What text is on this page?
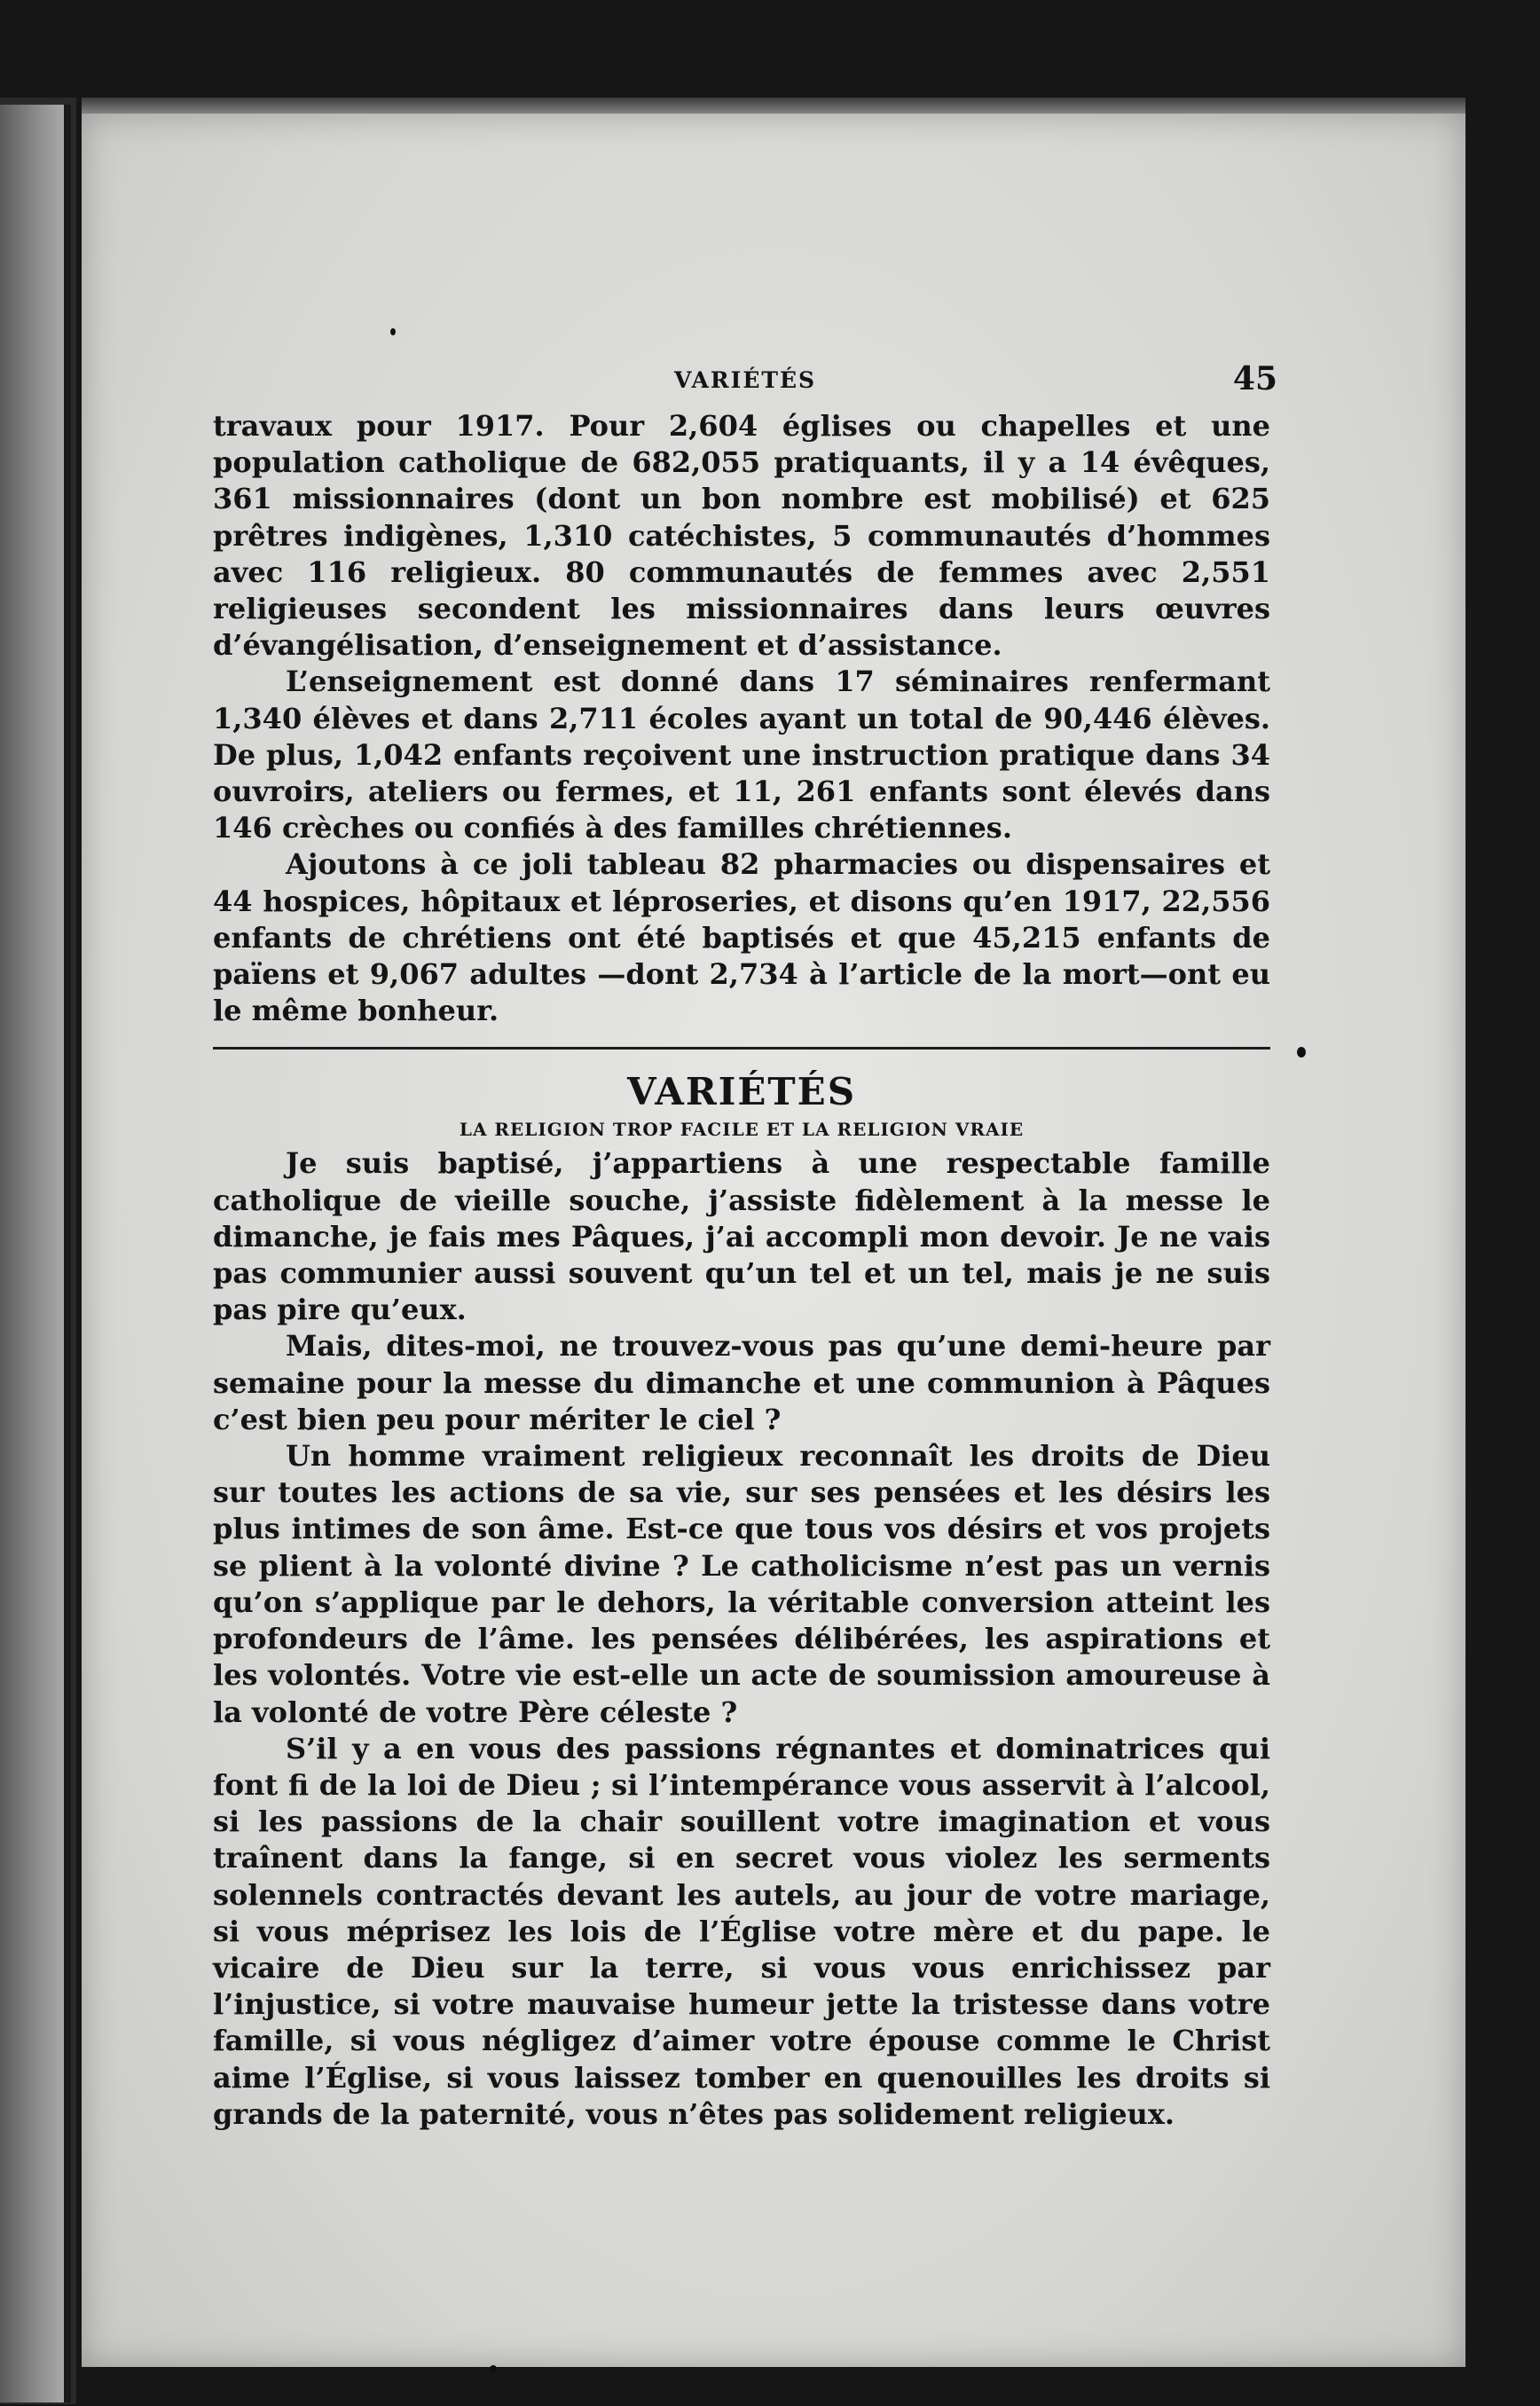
VARIÉTÉS	45

travaux pour 1917. Pour 2,604 églises ou chapelles et une population catholique de 682,055 pratiquants, il y a 14 évêques, 361 missionnaires (dont un bon nombre est mobilisé) et 625 prêtres indigènes, 1,310 catéchistes, 5 communautés d’hommes avec 116 religieux. 80 communautés de femmes avec 2,551 religieuses secondent les missionnaires dans leurs œuvres d’évangélisation, d’enseignement et d’assistance.

L’enseignement est donné dans 17 séminaires renfermant 1,340 élèves et dans 2,711 écoles ayant un total de 90,446 élèves. De plus, 1,042 enfants reçoivent une instruction pratique dans 34 ouvroirs, ateliers ou fermes, et 11, 261 enfants sont élevés dans 146 crèches ou confiés à des familles chrétiennes.

Ajoutons à ce joli tableau 82 pharmacies ou dispensaires et 44 hospices, hôpitaux et léproseries, et disons qu’en 1917, 22,556 enfants de chrétiens ont été baptisés et que 45,215 enfants de païens et 9,067 adultes —dont 2,734 à l’article de la mort—ont eu le même bonheur.

VARIÉTÉS
LA RELIGION TROP FACILE ET LA RELIGION VRAIE

Je suis baptisé, j’appartiens à une respectable famille catholique de vieille souche, j’assiste fidèlement à la messe le dimanche, je fais mes Pâques, j’ai accompli mon devoir. Je ne vais pas communier aussi souvent qu’un tel et un tel, mais je ne suis pas pire qu’eux.

Mais, dites-moi, ne trouvez-vous pas qu’une demi-heure par semaine pour la messe du dimanche et une communion à Pâques c’est bien peu pour mériter le ciel ?

Un homme vraiment religieux reconnaît les droits de Dieu sur toutes les actions de sa vie, sur ses pensées et les désirs les plus intimes de son âme. Est-ce que tous vos désirs et vos projets se plient à la volonté divine ? Le catholicisme n’est pas un vernis qu’on s’applique par le dehors, la véritable conversion atteint les profondeurs de l’âme. les pensées délibérées, les aspirations et les volontés. Votre vie est-elle un acte de soumission amoureuse à la volonté de votre Père céleste ?

S’il y a en vous des passions régnantes et dominatrices qui font fi de la loi de Dieu ; si l’intempérance vous asservit à l’alcool, si les passions de la chair souillent votre imagination et vous traînent dans la fange, si en secret vous violez les serments solennels contractés devant les autels, au jour de votre mariage, si vous méprisez les lois de l’Église votre mère et du pape. le vicaire de Dieu sur la terre, si vous vous enrichissez par l’injustice, si votre mauvaise humeur jette la tristesse dans votre famille, si vous négligez d’aimer votre épouse comme le Christ aime l’Église, si vous laissez tomber en quenouilles les droits si grands de la paternité, vous n’êtes pas solidement religieux.
